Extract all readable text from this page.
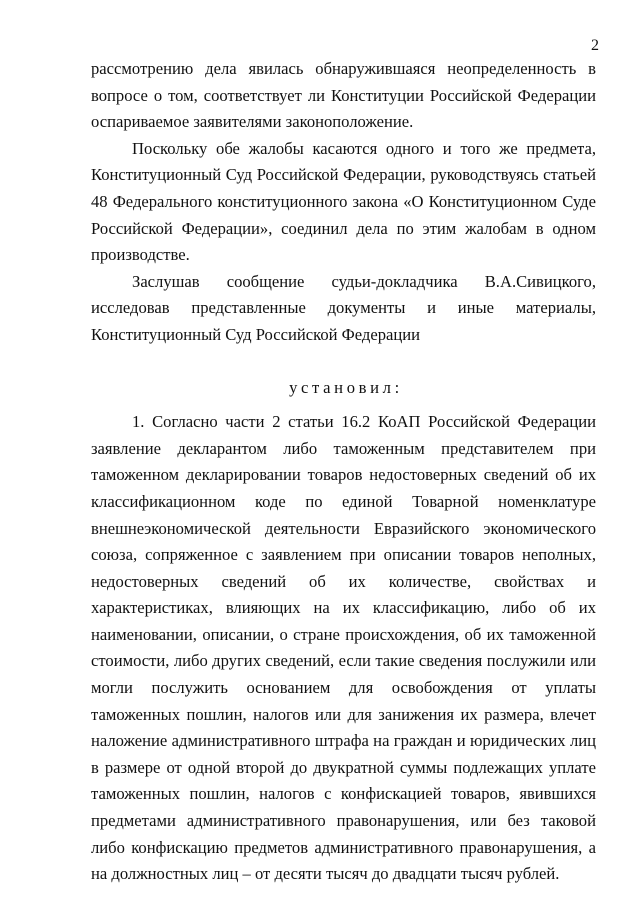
2

рассмотрению дела явилась обнаружившаяся неопределенность в вопросе о том, соответствует ли Конституции Российской Федерации оспариваемое заявителями законоположение.

Поскольку обе жалобы касаются одного и того же предмета, Конституционный Суд Российской Федерации, руководствуясь статьей 48 Федерального конституционного закона «О Конституционном Суде Российской Федерации», соединил дела по этим жалобам в одном производстве.

Заслушав сообщение судьи-докладчика В.А.Сивицкого, исследовав представленные документы и иные материалы, Конституционный Суд Российской Федерации

установил:

1. Согласно части 2 статьи 16.2 КоАП Российской Федерации заявление декларантом либо таможенным представителем при таможенном декларировании товаров недостоверных сведений об их классификационном коде по единой Товарной номенклатуре внешнеэкономической деятельности Евразийского экономического союза, сопряженное с заявлением при описании товаров неполных, недостоверных сведений об их количестве, свойствах и характеристиках, влияющих на их классификацию, либо об их наименовании, описании, о стране происхождения, об их таможенной стоимости, либо других сведений, если такие сведения послужили или могли послужить основанием для освобождения от уплаты таможенных пошлин, налогов или для занижения их размера, влечет наложение административного штрафа на граждан и юридических лиц в размере от одной второй до двукратной суммы подлежащих уплате таможенных пошлин, налогов с конфискацией товаров, явившихся предметами административного правонарушения, или без таковой либо конфискацию предметов административного правонарушения, а на должностных лиц – от десяти тысяч до двадцати тысяч рублей.
